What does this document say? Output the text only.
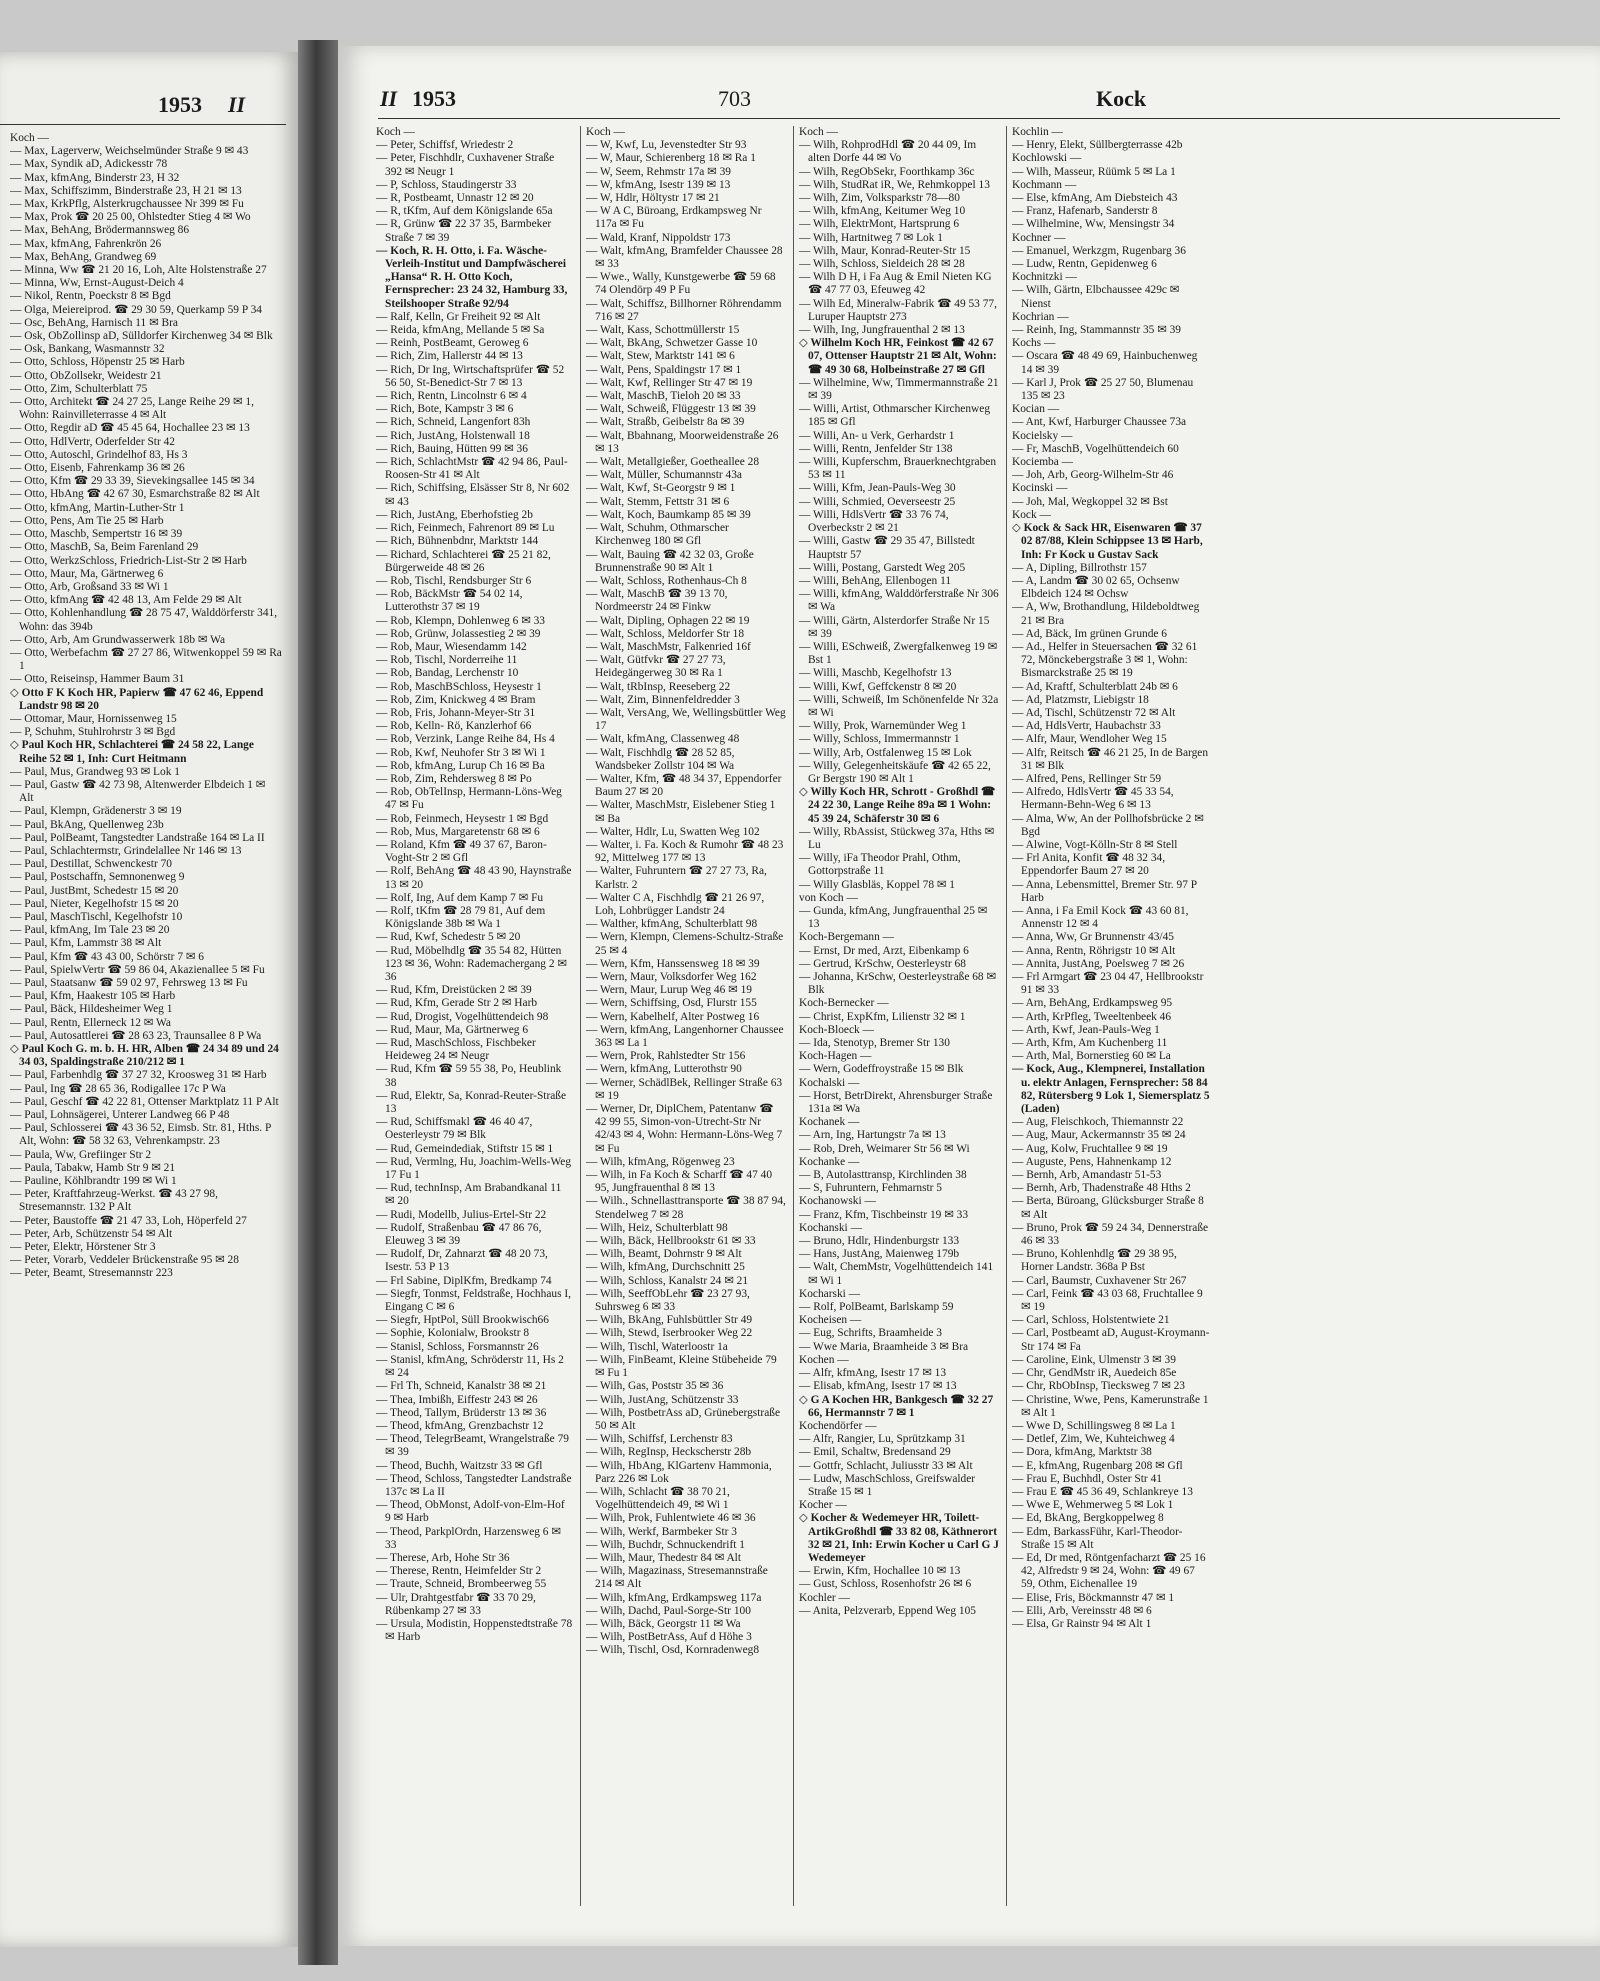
1953 II
Koch —
— Max, Lagerverw, Weichselmünder Straße 9 ✉ 43
— Max, Syndik aD, Adickesstr 78
— Max, kfmAng, Binderstr 23, H 32
— Max, Schiffszimm, Binderstraße 23, H 21 ✉ 13
— Max, KrkPflg, Alsterkrugchaussee Nr 399 ✉ Fu
— Max, Prok ☎ 20 25 00, Ohlstedter Stieg 4 ✉ Wo
— Max, BehAng, Brödermannsweg 86
— Max, kfmAng, Fahrenkrön 26
— Max, BehAng, Grandweg 69
— Minna, Ww ☎ 21 20 16, Loh, Alte Holstenstraße 27
— Minna, Ww, Ernst-August-Deich 4
— Nikol, Rentn, Poeckstr 8 ✉ Bgd
— Olga, Meiereiprod. ☎ 29 30 59, Querkamp 59 P 34
— Osc, BehAng, Harnisch 11 ✉ Bra
— Osk, ObZollinsp aD, Sülldorfer Kirchenweg 34 ✉ Blk
— Osk, Bankang, Wasmannstr 32
— Otto, Schloss, Höpenstr 25 ✉ Harb
— Otto, ObZollsekr, Weidestr 21
— Otto, Zim, Schulterblatt 75
— Otto, Architekt ☎ 24 27 25, Lange Reihe 29 ✉ 1, Wohn: Rainvilleterrasse 4 ✉ Alt
— Otto, Regdir aD ☎ 45 45 64, Hochallee 23 ✉ 13
— Otto, HdlVertr, Oderfelder Str 42
— Otto, Autoschl, Grindelhof 83, Hs 3
— Otto, Eisenb, Fahrenkamp 36 ✉ 26
— Otto, Kfm ☎ 29 33 39, Sievekingsallee 145 ✉ 34
— Otto, HbAng ☎ 42 67 30, Esmarchstraße 82 ✉ Alt
— Otto, kfmAng, Martin-Luther-Str 1
— Otto, Pens, Am Tie 25 ✉ Harb
— Otto, Maschb, Sempertstr 16 ✉ 39
— Otto, MaschB, Sa, Beim Farenland 29
— Otto, WerkzSchloss, Friedrich-List-Str 2 ✉ Harb
— Otto, Maur, Ma, Gärtnerweg 6
— Otto, Arb, Großsand 33 ✉ Wi 1
— Otto, kfmAng ☎ 42 48 13, Am Felde 29 ✉ Alt
— Otto, Kohlenhandlung ☎ 28 75 47, Walddörferstr 341, Wohn: das 394b
— Otto, Arb, Am Grundwasserwerk 18b ✉ Wa
— Otto, Werbefachm ☎ 27 27 86, Witwenkoppel 59 ✉ Ra 1
— Otto, Reiseinsp, Hammer Baum 31
◇ Otto F K Koch HR, Papierw ☎ 47 62 46, Eppend Landstr 98 ✉ 20
— Ottomar, Maur, Hornissenweg 15
— P, Schuhm, Stuhlrohrstr 3 ✉ Bgd
◇ Paul Koch HR, Schlachterei ☎ 24 58 22, Lange Reihe 52 ✉ 1, Inh: Curt Heitmann
— Paul, Mus, Grandweg 93 ✉ Lok 1
— Paul, Gastw ☎ 42 73 98, Altenwerder Elbdeich 1 ✉ Alt
— Paul, Klempn, Grädenerstr 3 ✉ 19
— Paul, BkAng, Quellenweg 23b
— Paul, PolBeamt, Tangstedter Landstraße 164 ✉ La II
— Paul, Schlachtermstr, Grindelallee Nr 146 ✉ 13
— Paul, Destillat, Schwenckestr 70
— Paul, Postschaffn, Semnonenweg 9
— Paul, JustBmt, Schedestr 15 ✉ 20
— Paul, Nieter, Kegelhofstr 15 ✉ 20
— Paul, MaschTischl, Kegelhofstr 10
— Paul, kfmAng, Im Tale 23 ✉ 20
— Paul, Kfm, Lammstr 38 ✉ Alt
— Paul, Kfm ☎ 43 43 00, Schörstr 7 ✉ 6
— Paul, SpielwVertr ☎ 59 86 04, Akazienallee 5 ✉ Fu
— Paul, Staatsanw ☎ 59 02 97, Fehrsweg 13 ✉ Fu
— Paul, Kfm, Haakestr 105 ✉ Harb
— Paul, Bäck, Hildesheimer Weg 1
— Paul, Rentn, Ellerneck 12 ✉ Wa
— Paul, Autosattlerei ☎ 28 63 23, Traunsallee 8 P Wa
◇ Paul Koch G. m. b. H. HR, Alben ☎ 24 34 89 und 24 34 03, Spaldingstraße 210/212 ✉ 1
— Paul, Farbenhdlg ☎ 37 27 32, Kroosweg 31 ✉ Harb
— Paul, Ing ☎ 28 65 36, Rodigallee 17c P Wa
— Paul, Geschf ☎ 42 22 81, Ottenser Marktplatz 11 P Alt
— Paul, Lohnsägerei, Unterer Landweg 66 P 48
— Paul, Schlosserei ☎ 43 36 52, Eimsb. Str. 81, Hths. P Alt, Wohn: ☎ 58 32 63, Vehrenkampstr. 23
— Paula, Ww, Grefiinger Str 2
— Paula, Tabakw, Hamb Str 9 ✉ 21
— Pauline, Köhlbrandtr 199 ✉ Wi 1
— Peter, Kraftfahrzeug-Werkst. ☎ 43 27 98, Stresemannstr. 132 P Alt
— Peter, Baustoffe ☎ 21 47 33, Loh, Höperfeld 27
— Peter, Arb, Schützenstr 54 ✉ Alt
— Peter, Elektr, Hörstener Str 3
— Peter, Vorarb, Veddeler Brückenstraße 95 ✉ 28
— Peter, Beamt, Stresemannstr 223
II 1953	703	Kock
Koch —
— Peter, Schiffsf, Wriedestr 2
— Peter, Fischhdlr, Cuxhavener Straße 392 ✉ Neugr 1
— P, Schloss, Staudingerstr 33
— R, Postbeamt, Unnastr 12 ✉ 20
— R, tKfm, Auf dem Königslande 65a
— R, Grünw ☎ 22 37 35, Barmbeker Straße 7 ✉ 39
— Koch, R. H. Otto, i. Fa. Wäsche-Verleih-Institut und Dampfwäscherei „Hansa“ R. H. Otto Koch, Fernsprecher: 23 24 32, Hamburg 33, Steilshooper Straße 92/94
— Ralf, Kelln, Gr Freiheit 92 ✉ Alt
— Reida, kfmAng, Mellande 5 ✉ Sa
— Reinh, PostBeamt, Geroweg 6
— Rich, Zim, Hallerstr 44 ✉ 13
— Rich, Dr Ing, Wirtschaftsprüfer ☎ 52 56 50, St-Benedict-Str 7 ✉ 13
— Rich, Rentn, Lincolnstr 6 ✉ 4
— Rich, Bote, Kampstr 3 ✉ 6
— Rich, Schneid, Langenfort 83h
— Rich, JustAng, Holstenwall 18
— Rich, Bauing, Hütten 99 ✉ 36
— Rich, SchlachtMstr ☎ 42 94 86, Paul-Roosen-Str 41 ✉ Alt
— Rich, Schiffsing, Elsässer Str 8, Nr 602 ✉ 43
— Rich, JustAng, Eberhofstieg 2b
— Rich, Feinmech, Fahrenort 89 ✉ Lu
— Rich, Bühnenbdnr, Marktstr 144
— Richard, Schlachterei ☎ 25 21 82, Bürgerweide 48 ✉ 26
— Rob, Tischl, Rendsburger Str 6
— Rob, BäckMstr ☎ 54 02 14, Lutterothstr 37 ✉ 19
— Rob, Klempn, Dohlenweg 6 ✉ 33
— Rob, Grünw, Jolassestieg 2 ✉ 39
— Rob, Maur, Wiesendamm 142
— Rob, Tischl, Norderreihe 11
— Rob, Bandag, Lerchenstr 10
— Rob, MaschBSchloss, Heysestr 1
— Rob, Zim, Knickweg 4 ✉ Bram
— Rob, Fris, Johann-Meyer-Str 31
— Rob, Kelln- Rö, Kanzlerhof 66
— Rob, Verzink, Lange Reihe 84, Hs 4
— Rob, Kwf, Neuhofer Str 3 ✉ Wi 1
— Rob, kfmAng, Lurup Ch 16 ✉ Ba
— Rob, Zim, Rehdersweg 8 ✉ Po
— Rob, ObTelInsp, Hermann-Löns-Weg 47 ✉ Fu
— Rob, Feinmech, Heysestr 1 ✉ Bgd
— Rob, Mus, Margaretenstr 68 ✉ 6
— Roland, Kfm ☎ 49 37 67, Baron-Voght-Str 2 ✉ Gfl
— Rolf, BehAng ☎ 48 43 90, Haynstraße 13 ✉ 20
— Rolf, Ing, Auf dem Kamp 7 ✉ Fu
— Rolf, tKfm ☎ 28 79 81, Auf dem Königslande 38b ✉ Wa 1
— Rud, Kwf, Schedestr 5 ✉ 20
— Rud, Möbelhdlg ☎ 35 54 82, Hütten 123 ✉ 36, Wohn: Rademachergang 2 ✉ 36
— Rud, Kfm, Dreistücken 2 ✉ 39
— Rud, Kfm, Gerade Str 2 ✉ Harb
— Rud, Drogist, Vogelhüttendeich 98
— Rud, Maur, Ma, Gärtnerweg 6
— Rud, MaschSchloss, Fischbeker Heideweg 24 ✉ Neugr
— Rud, Kfm ☎ 59 55 38, Po, Heublink 38
— Rud, Elektr, Sa, Konrad-Reuter-Straße 13
— Rud, Schiffsmakl ☎ 46 40 47, Oesterleystr 79 ✉ Blk
— Rud, Gemeindediak, Stiftstr 15 ✉ 1
— Rud, Vermlng, Hu, Joachim-Wells-Weg 17 Fu 1
— Rud, technInsp, Am Brabandkanal 11 ✉ 20
— Rudi, Modellb, Julius-Ertel-Str 22
— Rudolf, Straßenbau ☎ 47 86 76, Eleuweg 3 ✉ 39
— Rudolf, Dr, Zahnarzt ☎ 48 20 73, Isestr. 53 P 13
— Frl Sabine, DiplKfm, Bredkamp 74
— Siegfr, Tonmst, Feldstraße, Hochhaus I, Eingang C ✉ 6
— Siegfr, HptPol, Süll Brookwisch66
— Sophie, Kolonialw, Brookstr 8
— Stanisl, Schloss, Forsmannstr 26
— Stanisl, kfmAng, Schröderstr 11, Hs 2 ✉ 24
— Frl Th, Schneid, Kanalstr 38 ✉ 21
— Thea, Imbißh, Eiffestr 243 ✉ 26
— Theod, Tallym, Brüderstr 13 ✉ 36
— Theod, kfmAng, Grenzbachstr 12
— Theod, TelegrBeamt, Wrangelstraße 79 ✉ 39
— Theod, Buchh, Waitzstr 33 ✉ Gfl
— Theod, Schloss, Tangstedter Landstraße 137c ✉ La II
— Theod, ObMonst, Adolf-von-Elm-Hof 9 ✉ Harb
— Theod, ParkplOrdn, Harzensweg 6 ✉ 33
— Therese, Arb, Hohe Str 36
— Therese, Rentn, Heimfelder Str 2
— Traute, Schneid, Brombeerweg 55
— Ulr, Drahtgestfabr ☎ 33 70 29, Rübenkamp 27 ✉ 33
— Ursula, Modistin, Hoppenstedtstraße 78 ✉ Harb
Koch —
— W, Kwf, Lu, Jevenstedter Str 93
— W, Maur, Schierenberg 18 ✉ Ra 1
— W, Seem, Rehmstr 17a ✉ 39
— W, kfmAng, Isestr 139 ✉ 13
— W, Hdlr, Höltystr 17 ✉ 21
— W A C, Büroang, Erdkampsweg Nr 117a ✉ Fu
— Wald, Kranf, Nippoldstr 173
— Walt, kfmAng, Bramfelder Chaussee 28 ✉ 33
— Wwe., Wally, Kunstgewerbe ☎ 59 68 74 Olendörp 49 P Fu
— Walt, Schiffsz, Billhorner Röhrendamm 716 ✉ 27
— Walt, Kass, Schottmüllerstr 15
— Walt, BkAng, Schwetzer Gasse 10
— Walt, Stew, Marktstr 141 ✉ 6
— Walt, Pens, Spaldingstr 17 ✉ 1
— Walt, Kwf, Rellinger Str 47 ✉ 19
— Walt, MaschB, Tieloh 20 ✉ 33
— Walt, Schweiß, Flüggestr 13 ✉ 39
— Walt, Straßb, Geibelstr 8a ✉ 39
— Walt, Bbahnang, Moorweidenstraße 26 ✉ 13
— Walt, Metallgießer, Goetheallee 28
— Walt, Müller, Schumannstr 43a
— Walt, Kwf, St-Georgstr 9 ✉ 1
— Walt, Stemm, Fettstr 31 ✉ 6
— Walt, Koch, Baumkamp 85 ✉ 39
— Walt, Schuhm, Othmarscher Kirchenweg 180 ✉ Gfl
— Walt, Bauing ☎ 42 32 03, Große Brunnenstraße 90 ✉ Alt 1
— Walt, Schloss, Rothenhaus-Ch 8
— Walt, MaschB ☎ 39 13 70, Nordmeerstr 24 ✉ Finkw
— Walt, Dipling, Ophagen 22 ✉ 19
— Walt, Schloss, Meldorfer Str 18
— Walt, MaschMstr, Falkenried 16f
— Walt, Gütfvkr ☎ 27 27 73, Heidegängerweg 30 ✉ Ra 1
— Walt, tRbInsp, Reeseberg 22
— Walt, Zim, Binnenfeldredder 3
— Walt, VersAng, We, Wellingsbüttler Weg 17
— Walt, kfmAng, Classenweg 48
— Walt, Fischhdlg ☎ 28 52 85, Wandsbeker Zollstr 104 ✉ Wa
— Walter, Kfm, ☎ 48 34 37, Eppendorfer Baum 27 ✉ 20
— Walter, MaschMstr, Eislebener Stieg 1 ✉ Ba
— Walter, Hdlr, Lu, Swatten Weg 102
— Walter, i. Fa. Koch & Rumohr ☎ 48 23 92, Mittelweg 177 ✉ 13
— Walter, Fuhruntern ☎ 27 27 73, Ra, Karlstr. 2
— Walter C A, Fischhdlg ☎ 21 26 97, Loh, Lohbrügger Landstr 24
— Walther, kfmAng, Schulterblatt 98
— Wern, Klempn, Clemens-Schultz-Straße 25 ✉ 4
— Wern, Kfm, Hanssensweg 18 ✉ 39
— Wern, Maur, Volksdorfer Weg 162
— Wern, Maur, Lurup Weg 46 ✉ 19
— Wern, Schiffsing, Osd, Flurstr 155
— Wern, Kabelhelf, Alter Postweg 16
— Wern, kfmAng, Langenhorner Chaussee 363 ✉ La 1
— Wern, Prok, Rahlstedter Str 156
— Wern, kfmAng, Lutterothstr 90
— Werner, SchädlBek, Rellinger Straße 63 ✉ 19
— Werner, Dr, DiplChem, Patentanw ☎ 42 99 55, Simon-von-Utrecht-Str Nr 42/43 ✉ 4, Wohn: Hermann-Löns-Weg 7 ✉ Fu
— Wilh, kfmAng, Rögenweg 23
— Wilh, in Fa Koch & Scharff ☎ 47 40 95, Jungfrauenthal 8 ✉ 13
— Wilh., Schnellasttransporte ☎ 38 87 94, Stendelweg 7 ✉ 28
— Wilh, Heiz, Schulterblatt 98
— Wilh, Bäck, Hellbrookstr 61 ✉ 33
— Wilh, Beamt, Dohrnstr 9 ✉ Alt
— Wilh, kfmAng, Durchschnitt 25
— Wilh, Schloss, Kanalstr 24 ✉ 21
— Wilh, SeeffObLehr ☎ 23 27 93, Suhrsweg 6 ✉ 33
— Wilh, BkAng, Fuhlsbüttler Str 49
— Wilh, Stewd, Iserbrooker Weg 22
— Wilh, Tischl, Waterloostr 1a
— Wilh, FinBeamt, Kleine Stübeheide 79 ✉ Fu 1
— Wilh, Gas, Poststr 35 ✉ 36
— Wilh, JustAng, Schützenstr 33
— Wilh, PostbetrAss aD, Grünebergstraße 50 ✉ Alt
— Wilh, Schiffsf, Lerchenstr 83
— Wilh, RegInsp, Heckscherstr 28b
— Wilh, HbAng, KlGartenv Hammonia, Parz 226 ✉ Lok
— Wilh, Schlacht ☎ 38 70 21, Vogelhüttendeich 49, ✉ Wi 1
— Wilh, Prok, Fuhlentwiete 46 ✉ 36
— Wilh, Werkf, Barmbeker Str 3
— Wilh, Buchdr, Schnuckendrift 1
— Wilh, Maur, Thedestr 84 ✉ Alt
— Wilh, Magazinass, Stresemannstraße 214 ✉ Alt
— Wilh, kfmAng, Erdkampsweg 117a
— Wilh, Dachd, Paul-Sorge-Str 100
— Wilh, Bäck, Georgstr 11 ✉ Wa
— Wilh, PostBetrAss, Auf d Höhe 3
— Wilh, Tischl, Osd, Kornradenweg8
Koch —
— Wilh, RohprodHdl ☎ 20 44 09, Im alten Dorfe 44 ✉ Vo
— Wilh, RegObSekr, Foorthkamp 36c
— Wilh, StudRat iR, We, Rehmkoppel 13
— Wilh, Zim, Volksparkstr 78—80
— Wilh, kfmAng, Keitumer Weg 10
— Wilh, ElektrMont, Hartsprung 6
— Wilh, Hartnitweg 7 ✉ Lok 1
— Wilh, Maur, Konrad-Reuter-Str 15
— Wilh, Schloss, Sieldeich 28 ✉ 28
— Wilh D H, i Fa Aug & Emil Nieten KG ☎ 47 77 03, Efeuweg 42
— Wilh Ed, Mineralw-Fabrik ☎ 49 53 77, Luruper Hauptstr 273
— Wilh, Ing, Jungfrauenthal 2 ✉ 13
◇ Wilhelm Koch HR, Feinkost ☎ 42 67 07, Ottenser Hauptstr 21 ✉ Alt, Wohn: ☎ 49 30 68, Holbeinstraße 27 ✉ Gfl
— Wilhelmine, Ww, Timmermannstraße 21 ✉ 39
— Willi, Artist, Othmarscher Kirchenweg 185 ✉ Gfl
— Willi, An- u Verk, Gerhardstr 1
— Willi, Rentn, Jenfelder Str 138
— Willi, Kupferschm, Brauerknechtgraben 53 ✉ 11
— Willi, Kfm, Jean-Pauls-Weg 30
— Willi, Schmied, Oeverseestr 25
— Willi, HdlsVertr ☎ 33 76 74, Overbeckstr 2 ✉ 21
— Willi, Gastw ☎ 29 35 47, Billstedt Hauptstr 57
— Willi, Postang, Garstedt Weg 205
— Willi, BehAng, Ellenbogen 11
— Willi, kfmAng, Walddörferstraße Nr 306 ✉ Wa
— Willi, Gärtn, Alsterdorfer Straße Nr 15 ✉ 39
— Willi, ESchweiß, Zwergfalkenweg 19 ✉ Bst 1
— Willi, Maschb, Kegelhofstr 13
— Willi, Kwf, Geffckenstr 8 ✉ 20
— Willi, Schweiß, Im Schönenfelde Nr 32a ✉ Wi
— Willy, Prok, Warnemünder Weg 1
— Willy, Schloss, Immermannstr 1
— Willy, Arb, Ostfalenweg 15 ✉ Lok
— Willy, Gelegenheitskäufe ☎ 42 65 22, Gr Bergstr 190 ✉ Alt 1
◇ Willy Koch HR, Schrott - Großhdl ☎ 24 22 30, Lange Reihe 89a ✉ 1 Wohn: 45 39 24, Schäferstr 30 ✉ 6
— Willy, RbAssist, Stückweg 37a, Hths ✉ Lu
— Willy, iFa Theodor Prahl, Othm, Gottorpstraße 11
— Willy Glasbläs, Koppel 78 ✉ 1
von Koch —
— Gunda, kfmAng, Jungfrauenthal 25 ✉ 13
Koch-Bergemann —
— Ernst, Dr med, Arzt, Eibenkamp 6
— Gertrud, KrSchw, Oesterleystr 68
— Johanna, KrSchw, Oesterleystraße 68 ✉ Blk
Koch-Bernecker —
— Christ, ExpKfm, Lilienstr 32 ✉ 1
Koch-Bloeck —
— Ida, Stenotyp, Bremer Str 130
Koch-Hagen —
— Wern, Godeffroystraße 15 ✉ Blk
Kochalski —
— Horst, BetrDirekt, Ahrensburger Straße 131a ✉ Wa
Kochanek —
— Arn, Ing, Hartungstr 7a ✉ 13
— Rob, Dreh, Weimarer Str 56 ✉ Wi
Kochanke —
— B, Autolasttransp, Kirchlinden 38
— S, Fuhruntern, Fehmarnstr 5
Kochanowski —
— Franz, Kfm, Tischbeinstr 19 ✉ 33
Kochanski —
— Bruno, Hdlr, Hindenburgstr 133
— Hans, JustAng, Maienweg 179b
— Walt, ChemMstr, Vogelhüttendeich 141 ✉ Wi 1
Kocharski —
— Rolf, PolBeamt, Barlskamp 59
Kocheisen —
— Eug, Schrifts, Braamheide 3
— Wwe Maria, Braamheide 3 ✉ Bra
Kochen —
— Alfr, kfmAng, Isestr 17 ✉ 13
— Elisab, kfmAng, Isestr 17 ✉ 13
◇ G A Kochen HR, Bankgesch ☎ 32 27 66, Hermannstr 7 ✉ 1
Kochendörfer —
— Alfr, Rangier, Lu, Sprützkamp 31
— Emil, Schaltw, Bredensand 29
— Gottfr, Schlacht, Juliusstr 33 ✉ Alt
— Ludw, MaschSchloss, Greifswalder Straße 15 ✉ 1
Kocher —
◇ Kocher & Wedemeyer HR, Toilett-ArtikGroßhdl ☎ 33 82 08, Käthnerort 32 ✉ 21, Inh: Erwin Kocher u Carl G J Wedemeyer
— Erwin, Kfm, Hochallee 10 ✉ 13
— Gust, Schloss, Rosenhofstr 26 ✉ 6
Kochler —
— Anita, Pelzverarb, Eppend Weg 105
Kochlin —
— Henry, Elekt, Süllbergterrasse 42b
Kochlowski —
— Wilh, Masseur, Rüümk 5 ✉ La 1
Kochmann —
— Else, kfmAng, Am Diebsteich 43
— Franz, Hafenarb, Sanderstr 8
— Wilhelmine, Ww, Mensingstr 34
Kochner —
— Emanuel, Werkzgm, Rugenbarg 36
— Ludw, Rentn, Gepidenweg 6
Kochnitzki —
— Wilh, Gärtn, Elbchaussee 429c ✉ Nienst
Kochrian —
— Reinh, Ing, Stammannstr 35 ✉ 39
Kochs —
— Oscara ☎ 48 49 69, Hainbuchenweg 14 ✉ 39
— Karl J, Prok ☎ 25 27 50, Blumenau 135 ✉ 23
Kocian —
— Ant, Kwf, Harburger Chaussee 73a
Kocielsky —
— Fr, MaschB, Vogelhüttendeich 60
Kociemba —
— Joh, Arb, Georg-Wilhelm-Str 46
Kocinski —
— Joh, Mal, Wegkoppel 32 ✉ Bst
Kock —
◇ Kock & Sack HR, Eisenwaren ☎ 37 02 87/88, Klein Schippsee 13 ✉ Harb, Inh: Fr Kock u Gustav Sack
— A, Dipling, Billrothstr 157
— A, Landm ☎ 30 02 65, Ochsenw Elbdeich 124 ✉ Ochsw
— A, Ww, Brothandlung, Hildeboldtweg 21 ✉ Bra
— Ad, Bäck, Im grünen Grunde 6
— Ad., Helfer in Steuersachen ☎ 32 61 72, Mönckebergstraße 3 ✉ 1, Wohn: Bismarckstraße 25 ✉ 19
— Ad, Kraftf, Schulterblatt 24b ✉ 6
— Ad, Platzmstr, Liebigstr 18
— Ad, Tischl, Schützenstr 72 ✉ Alt
— Ad, HdlsVertr, Haubachstr 33
— Alfr, Maur, Wendloher Weg 15
— Alfr, Reitsch ☎ 46 21 25, In de Bargen 31 ✉ Blk
— Alfred, Pens, Rellinger Str 59
— Alfredo, HdlsVertr ☎ 45 33 54, Hermann-Behn-Weg 6 ✉ 13
— Alma, Ww, An der Pollhofsbrücke 2 ✉ Bgd
— Alwine, Vogt-Kölln-Str 8 ✉ Stell
— Frl Anita, Konfit ☎ 48 32 34, Eppendorfer Baum 27 ✉ 20
— Anna, Lebensmittel, Bremer Str. 97 P Harb
— Anna, i Fa Emil Kock ☎ 43 60 81, Annenstr 12 ✉ 4
— Anna, Ww, Gr Brunnenstr 43/45
— Anna, Rentn, Röhrigstr 10 ✉ Alt
— Annita, JustAng, Poelsweg 7 ✉ 26
— Frl Armgart ☎ 23 04 47, Hellbrookstr 91 ✉ 33
— Arn, BehAng, Erdkampsweg 95
— Arth, KrPfleg, Tweeltenbeek 46
— Arth, Kwf, Jean-Pauls-Weg 1
— Arth, Kfm, Am Kuchenberg 11
— Arth, Mal, Bornerstieg 60 ✉ La
— Kock, Aug., Klempnerei, Installation u. elektr Anlagen, Fernsprecher: 58 84 82, Rütersberg 9 Lok 1, Siemersplatz 5 (Laden)
— Aug, Fleischkoch, Thiemannstr 22
— Aug, Maur, Ackermannstr 35 ✉ 24
— Aug, Kolw, Fruchtallee 9 ✉ 19
— Auguste, Pens, Hahnenkamp 12
— Bernh, Arb, Amandastr 51-53
— Bernh, Arb, Thadenstraße 48 Hths 2
— Berta, Büroang, Glücksburger Straße 8 ✉ Alt
— Bruno, Prok ☎ 59 24 34, Dennerstraße 46 ✉ 33
— Bruno, Kohlenhdlg ☎ 29 38 95, Horner Landstr. 368a P Bst
— Carl, Baumstr, Cuxhavener Str 267
— Carl, Feink ☎ 43 03 68, Fruchtallee 9 ✉ 19
— Carl, Schloss, Holstentwiete 21
— Carl, Postbeamt aD, August-Kroymann-Str 174 ✉ Fa
— Caroline, Eink, Ulmenstr 3 ✉ 39
— Chr, GendMstr iR, Auedeich 85e
— Chr, RbObInsp, Tiecksweg 7 ✉ 23
— Christine, Wwe, Pens, Kamerunstraße 1 ✉ Alt 1
— Wwe D, Schillingsweg 8 ✉ La 1
— Detlef, Zim, We, Kuhteichweg 4
— Dora, kfmAng, Marktstr 38
— E, kfmAng, Rugenbarg 208 ✉ Gfl
— Frau E, Buchhdl, Oster Str 41
— Frau E ☎ 45 36 49, Schlankreye 13
— Wwe E, Wehmerweg 5 ✉ Lok 1
— Ed, BkAng, Bergkoppelweg 8
— Edm, BarkassFühr, Karl-Theodor-Straße 15 ✉ Alt
— Ed, Dr med, Röntgenfacharzt ☎ 25 16 42, Alfredstr 9 ✉ 24, Wohn: ☎ 49 67 59, Othm, Eichenallee 19
— Elise, Fris, Böckmannstr 47 ✉ 1
— Elli, Arb, Vereinsstr 48 ✉ 6
— Elsa, Gr Rainstr 94 ✉ Alt 1
